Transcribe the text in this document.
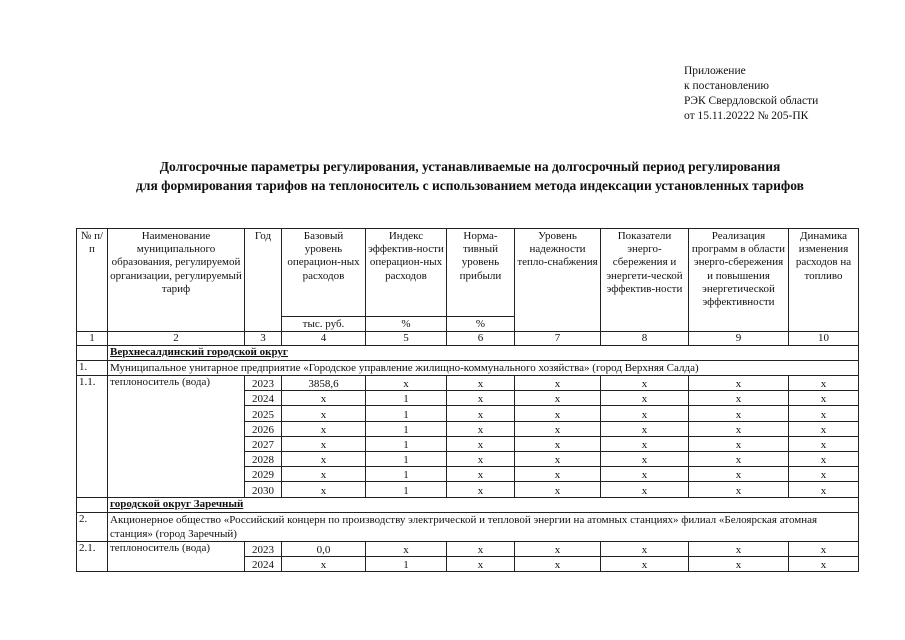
Приложение
к постановлению
РЭК Свердловской области
от 15.11.20222 № 205-ПК
Долгосрочные параметры регулирования, устанавливаемые на долгосрочный период регулирования
для формирования тарифов на теплоноситель с использованием метода индексации установленных тарифов
№ п/п	Наименование муниципального образования, регулируемой организации, регулируемый тариф	Год	Базовый уровень операцион-ных расходов	Индекс эффектив-ности операцион-ных расходов	Норма-тивный уровень прибыли	Уровень надежности тепло-снабжения	Показатели энерго-сбережения и энергети-ческой эффектив-ности	Реализация программ в области энерго-сбережения и повышения энергетической эффективности	Динамика изменения расходов на топливо
			тыс. руб.	%	%				
1	2	3	4	5	6	7	8	9	10
	Верхнесалдинский городской округ								
1.	Муниципальное унитарное предприятие «Городское управление жилищно-коммунального хозяйства» (город Верхняя Салда)								
1.1.	теплоноситель (вода)	2023	3858,6	х	х	х	х	х	х
		2024	х	1	х	х	х	х	х
		2025	х	1	х	х	х	х	х
		2026	х	1	х	х	х	х	х
		2027	х	1	х	х	х	х	х
		2028	х	1	х	х	х	х	х
		2029	х	1	х	х	х	х	х
		2030	х	1	х	х	х	х	х
	городской округ Заречный								
2.	Акционерное общество «Российский концерн по производству электрической и тепловой энергии на атомных станциях» филиал «Белоярская атомная станция» (город Заречный)								
2.1.	теплоноситель (вода)	2023	0,0	х	х	х	х	х	х
		2024	х	1	х	х	х	х	х
